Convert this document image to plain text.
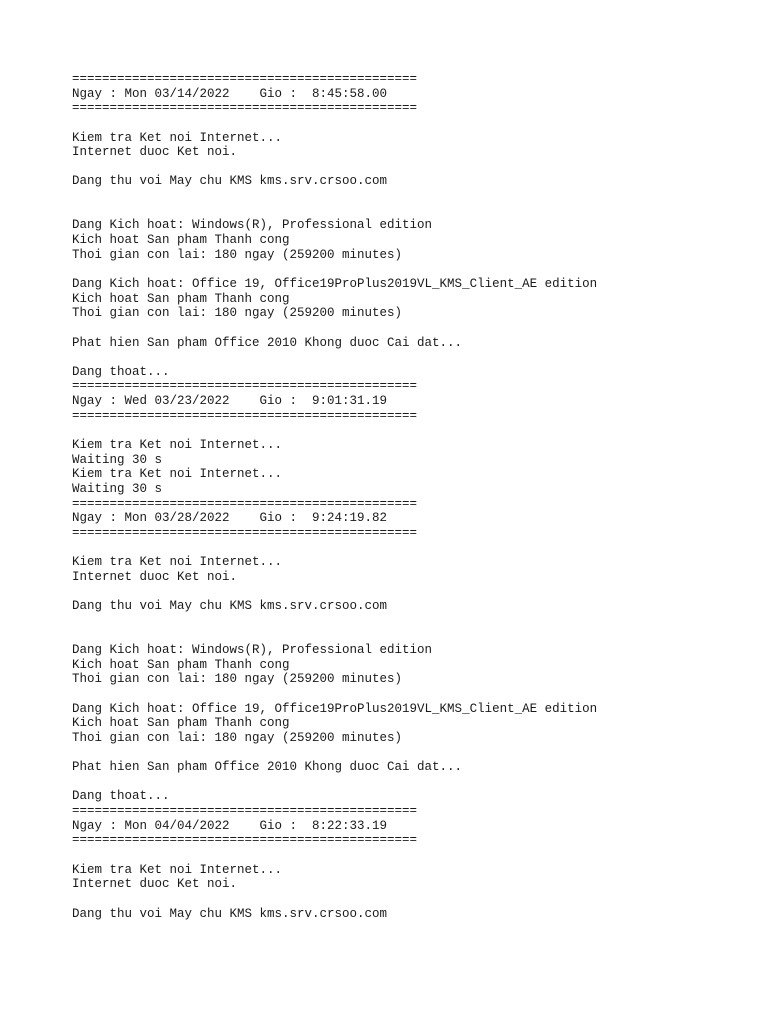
==============================================
Ngay : Mon 03/14/2022    Gio :  8:45:58.00
==============================================
Kiem tra Ket noi Internet...
Internet duoc Ket noi.
Dang thu voi May chu KMS kms.srv.crsoo.com
Dang Kich hoat: Windows(R), Professional edition
Kich hoat San pham Thanh cong
Thoi gian con lai: 180 ngay (259200 minutes)
Dang Kich hoat: Office 19, Office19ProPlus2019VL_KMS_Client_AE edition
Kich hoat San pham Thanh cong
Thoi gian con lai: 180 ngay (259200 minutes)
Phat hien San pham Office 2010 Khong duoc Cai dat...
Dang thoat...
==============================================
Ngay : Wed 03/23/2022    Gio :  9:01:31.19
==============================================
Kiem tra Ket noi Internet...
Waiting 30 s
Kiem tra Ket noi Internet...
Waiting 30 s
==============================================
Ngay : Mon 03/28/2022    Gio :  9:24:19.82
==============================================
Kiem tra Ket noi Internet...
Internet duoc Ket noi.
Dang thu voi May chu KMS kms.srv.crsoo.com
Dang Kich hoat: Windows(R), Professional edition
Kich hoat San pham Thanh cong
Thoi gian con lai: 180 ngay (259200 minutes)
Dang Kich hoat: Office 19, Office19ProPlus2019VL_KMS_Client_AE edition
Kich hoat San pham Thanh cong
Thoi gian con lai: 180 ngay (259200 minutes)
Phat hien San pham Office 2010 Khong duoc Cai dat...
Dang thoat...
==============================================
Ngay : Mon 04/04/2022    Gio :  8:22:33.19
==============================================
Kiem tra Ket noi Internet...
Internet duoc Ket noi.
Dang thu voi May chu KMS kms.srv.crsoo.com
